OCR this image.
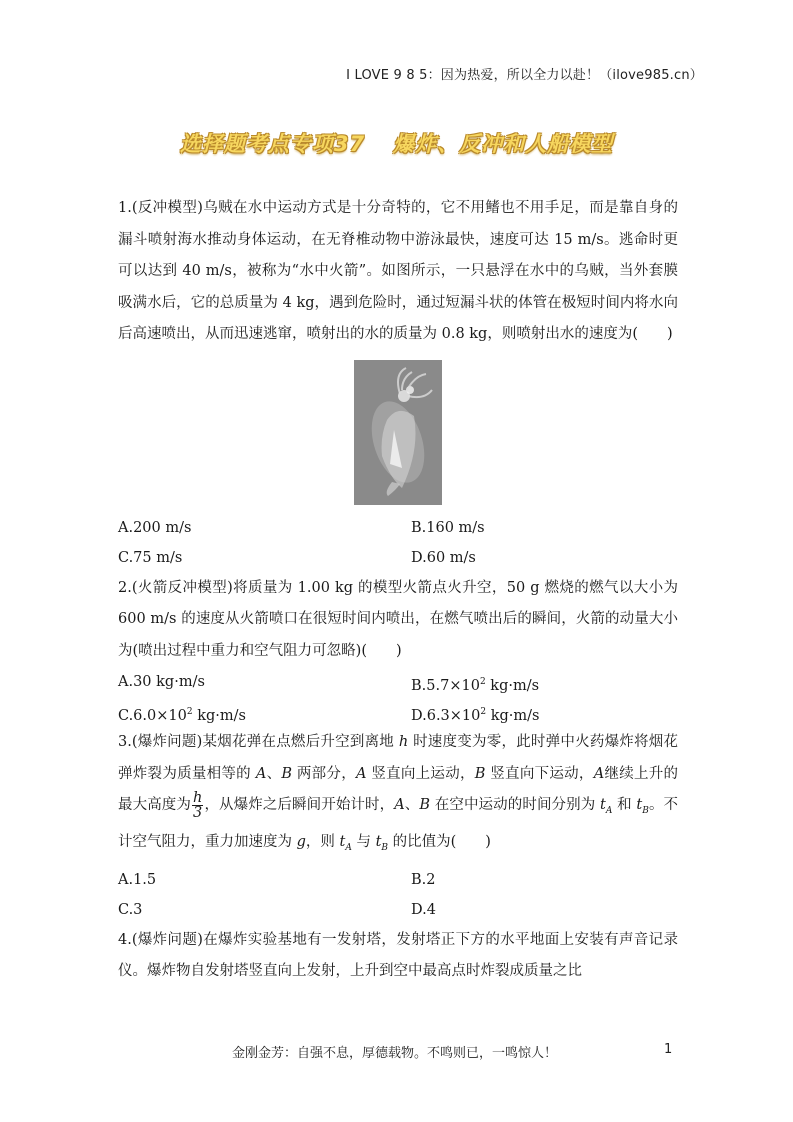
I LOVE 9 8 5：因为热爱，所以全力以赴！（ilove985.cn）
选择题考点专项37 爆炸、反冲和人船模型

1.(反冲模型)乌贼在水中运动方式是十分奇特的，它不用鳍也不用手足，而是靠自身的漏斗喷射海水推动身体运动，在无脊椎动物中游泳最快，速度可达 15 m/s。逃命时更可以达到 40 m/s，被称为“水中火箭”。如图所示，一只悬浮在水中的乌贼，当外套膜吸满水后，它的总质量为 4 kg，遇到危险时，通过短漏斗状的体管在极短时间内将水向后高速喷出，从而迅速逃窜，喷射出的水的质量为 0.8 kg，则喷射出水的速度为(　　)

A.200 m/s	B.160 m/s
C.75 m/s	D.60 m/s

2.(火箭反冲模型)将质量为 1.00 kg 的模型火箭点火升空，50 g 燃烧的燃气以大小为 600 m/s 的速度从火箭喷口在很短时间内喷出，在燃气喷出后的瞬间，火箭的动量大小为(喷出过程中重力和空气阻力可忽略)(　　)

A.30 kg·m/s	$B.5.7\times 10^2$ kg·m/s
$C.6.0\times 10^2$ kg·m/s	$D.6.3\times 10^2$ kg·m/s

3.(爆炸问题)某烟花弹在点燃后升空到离地 h 时速度变为零，此时弹中火药爆炸将烟花弹炸裂为质量相等的 A、B 两部分，A 竖直向上运动，B 竖直向下运动，A继续上升的最大高度为 $\frac{h}{3}$ ，从爆炸之后瞬间开始计时，A、B 在空中运动的时间分别为 $t_A$ 和 $t_B$。不计空气阻力，重力加速度为 g，则 $t_A$ 与 $t_B$ 的比值为(　　)

A.1.5	B.2
C.3	D.4

4.(爆炸问题)在爆炸实验基地有一发射塔，发射塔正下方的水平地面上安装有声音记录仪。爆炸物自发射塔竖直向上发射，上升到空中最高点时炸裂成质量之比

金刚金芳：自强不息，厚德载物。不鸣则已，一鸣惊人！	1
